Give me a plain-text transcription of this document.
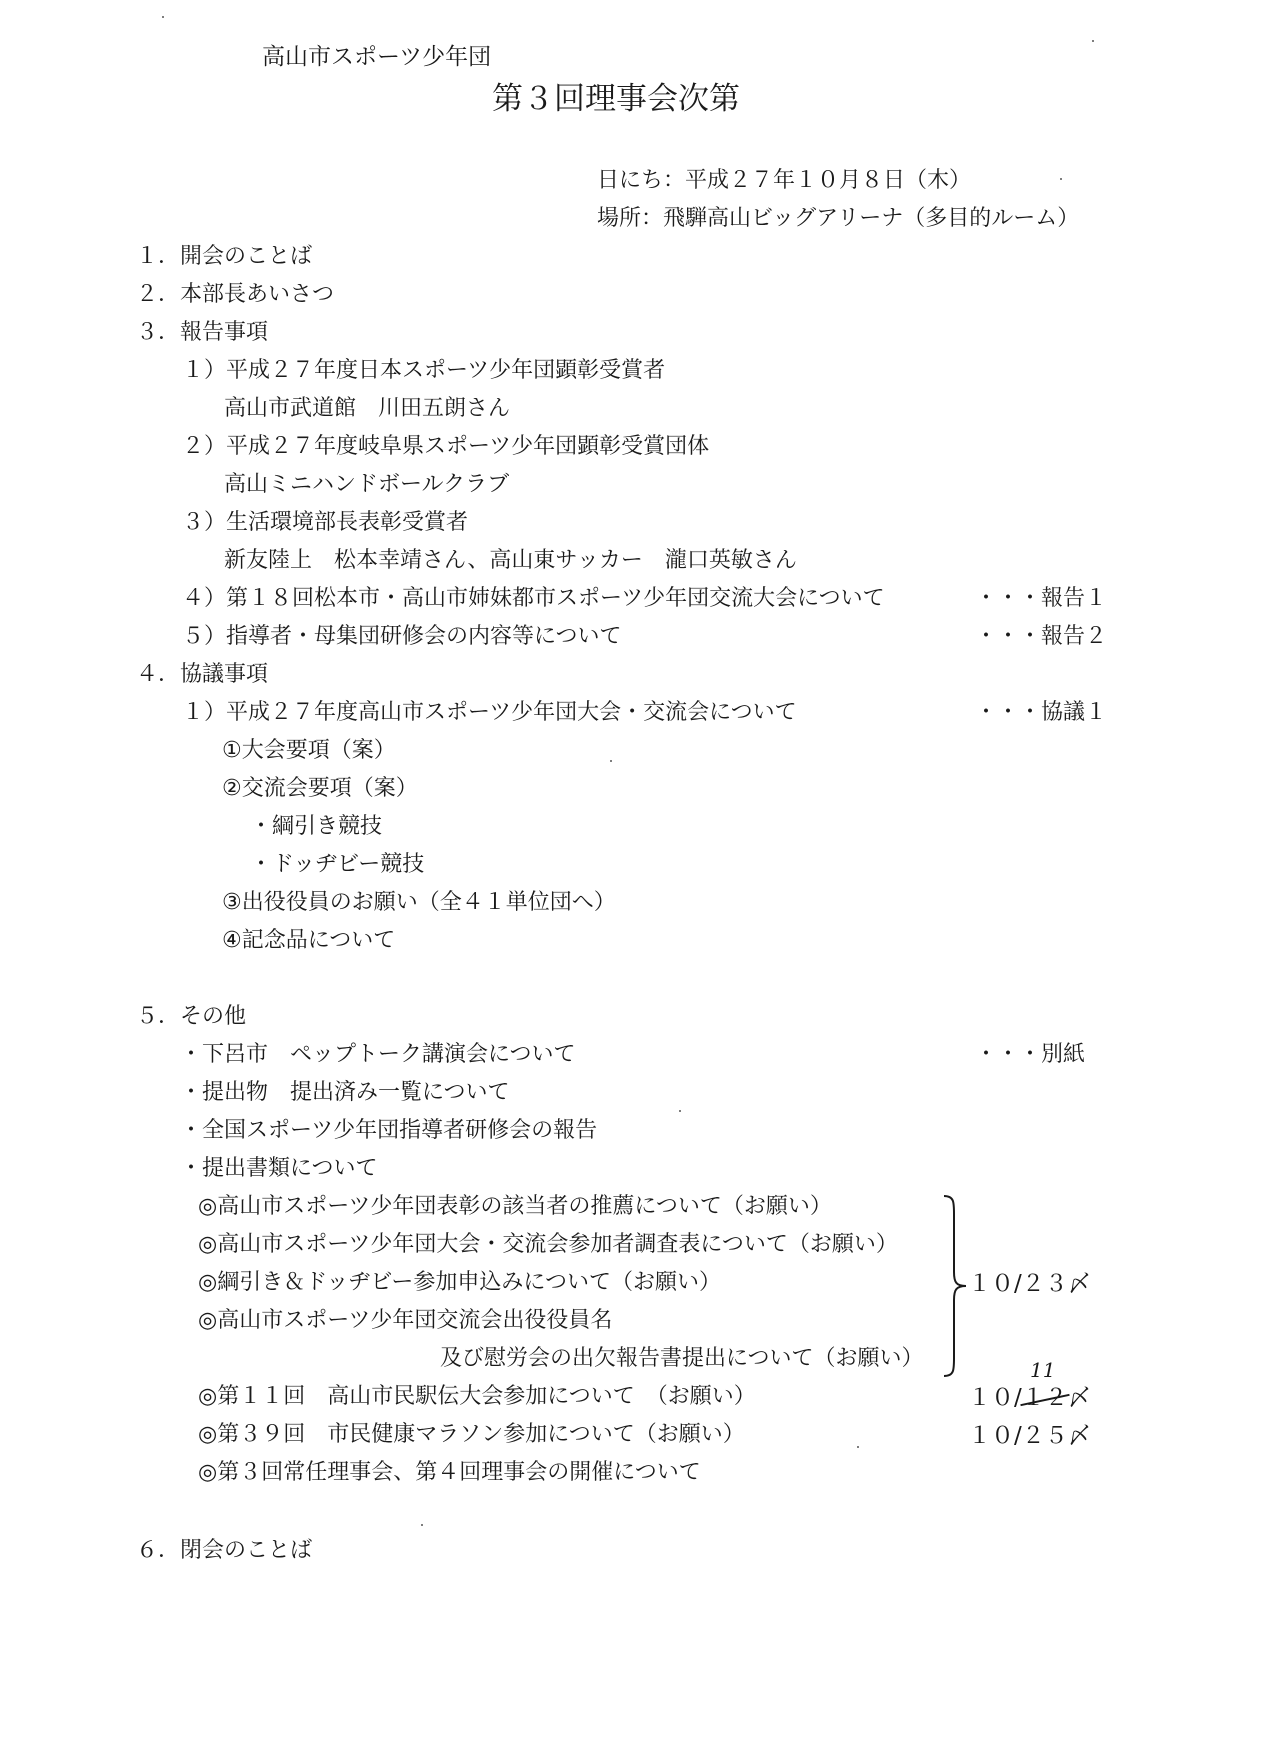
高山市スポーツ少年団
第３回理事会次第
日にち：平成２７年１０月８日（木）
場所：飛騨高山ビッグアリーナ（多目的ルーム）
１．開会のことば
２．本部長あいさつ
３．報告事項
１）平成２７年度日本スポーツ少年団顕彰受賞者
高山市武道館　川田五朗さん
２）平成２７年度岐阜県スポーツ少年団顕彰受賞団体
高山ミニハンドボールクラブ
３）生活環境部長表彰受賞者
新友陸上　松本幸靖さん、高山東サッカー　瀧口英敏さん
４）第１８回松本市・高山市姉妹都市スポーツ少年団交流大会について	・・・報告１
５）指導者・母集団研修会の内容等について	・・・報告２
４．協議事項
１）平成２７年度高山市スポーツ少年団大会・交流会について	・・・協議１
①大会要項（案）
②交流会要項（案）
・綱引き競技
・ドッヂビー競技
③出役役員のお願い（全４１単位団へ）
④記念品について
５．その他
・下呂市　ペップトーク講演会について	・・・別紙
・提出物　提出済み一覧について
・全国スポーツ少年団指導者研修会の報告
・提出書類について
◎高山市スポーツ少年団表彰の該当者の推薦について（お願い）
◎高山市スポーツ少年団大会・交流会参加者調査表について（お願い）
◎綱引き＆ドッヂビー参加申込みについて（お願い）
◎高山市スポーツ少年団交流会出役役員名
及び慰労会の出欠報告書提出について（お願い）
１０/２３〆
◎第１１回　高山市民駅伝大会参加について　（お願い）	１０/１２〆
11
◎第３９回　市民健康マラソン参加について（お願い）	１０/２５〆
◎第３回常任理事会、第４回理事会の開催について
６．閉会のことば
